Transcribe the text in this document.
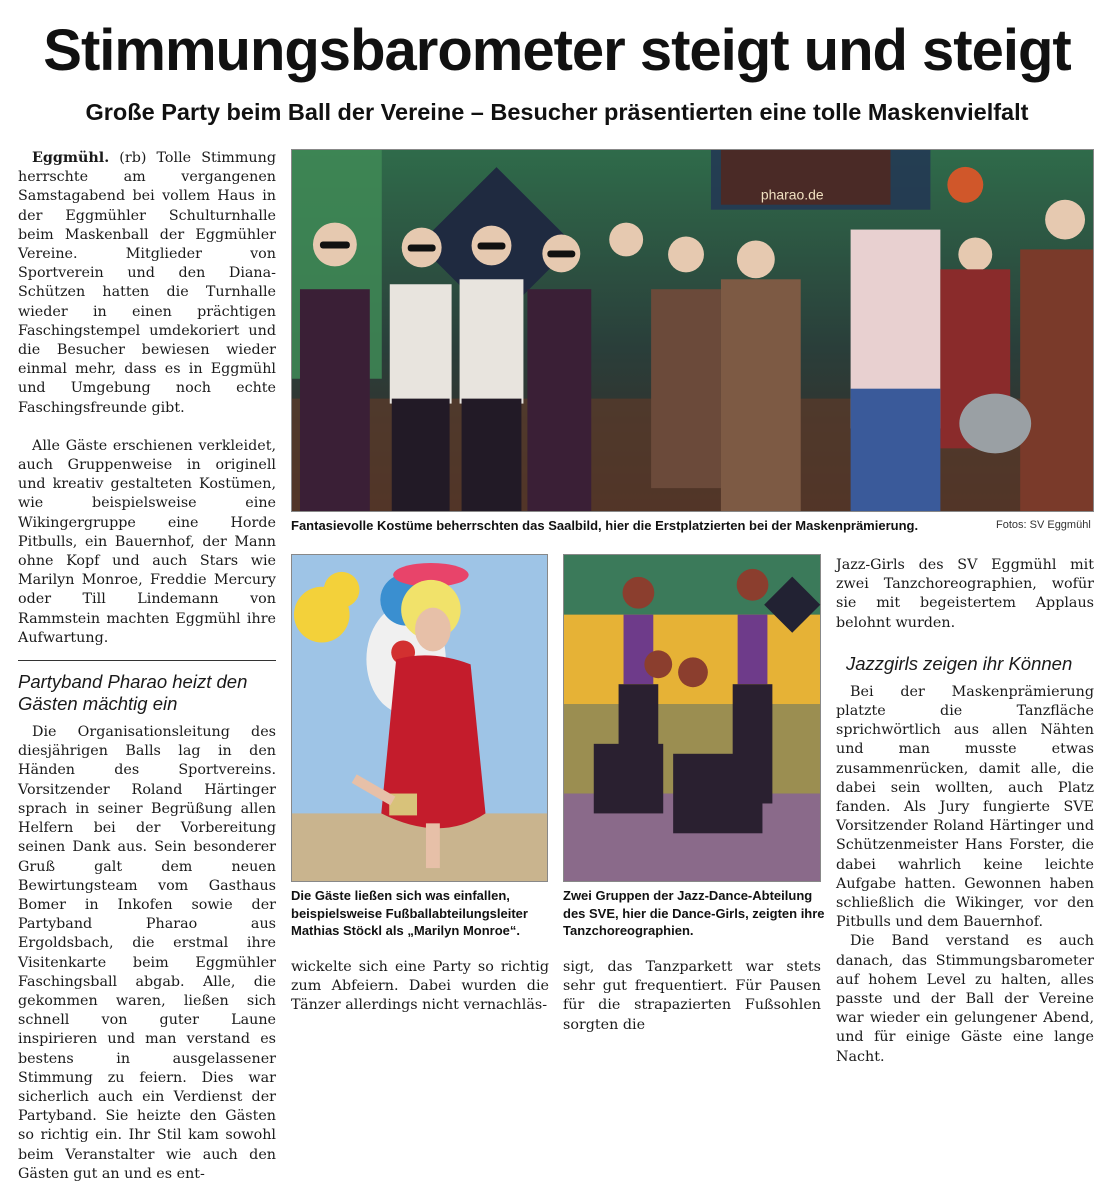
Stimmungsbarometer steigt und steigt
Große Party beim Ball der Vereine – Besucher präsentierten eine tolle Maskenvielfalt

Eggmühl. (rb) Tolle Stimmung herrschte am vergangenen Samstagabend bei vollem Haus in der Eggmühler Schulturnhalle beim Maskenball der Eggmühler Vereine. Mitglieder von Sportverein und den Diana-Schützen hatten die Turnhalle wieder in einen prächtigen Faschingstempel umdekoriert und die Besucher bewiesen wieder einmal mehr, dass es in Eggmühl und Umgebung noch echte Faschingsfreunde gibt.

Alle Gäste erschienen verkleidet, auch Gruppenweise in originell und kreativ gestalteten Kostümen, wie beispielsweise eine Wikingergruppe eine Horde Pitbulls, ein Bauernhof, der Mann ohne Kopf und auch Stars wie Marilyn Monroe, Freddie Mercury oder Till Lindemann von Rammstein machten Eggmühl ihre Aufwartung.

Partyband Pharao heizt den Gästen mächtig ein

Die Organisationsleitung des diesjährigen Balls lag in den Händen des Sportvereins. Vorsitzender Roland Härtinger sprach in seiner Begrüßung allen Helfern bei der Vorbereitung seinen Dank aus. Sein besonderer Gruß galt dem neuen Bewirtungsteam vom Gasthaus Bomer in Inkofen sowie der Partyband Pharao aus Ergoldsbach, die erstmal ihre Visitenkarte beim Eggmühler Faschingsball abgab. Alle, die gekommen waren, ließen sich schnell von guter Laune inspirieren und man verstand es bestens in ausgelassener Stimmung zu feiern. Dies war sicherlich auch ein Verdienst der Partyband. Sie heizte den Gästen so richtig ein. Ihr Stil kam sowohl beim Veranstalter wie auch den Gästen gut an und es ent-

pharao.de
Fantasievolle Kostüme beherrschten das Saalbild, hier die Erstplatzierten bei der Maskenprämierung.	Fotos: SV Eggmühl
Die Gäste ließen sich was einfallen, beispielsweise Fußballabteilungsleiter Mathias Stöckl als „Marilyn Monroe“.
Zwei Gruppen der Jazz-Dance-Abteilung des SVE, hier die Dance-Girls, zeigten ihre Tanzchoreographien.

wickelte sich eine Party so richtig zum Abfeiern. Dabei wurden die Tänzer allerdings nicht vernachläs-

sigt, das Tanzparkett war stets sehr gut frequentiert. Für Pausen für die strapazierten Fußsohlen sorgten die

Jazz-Girls des SV Eggmühl mit zwei Tanzchoreographien, wofür sie mit begeistertem Applaus belohnt wurden.

Jazzgirls zeigen ihr Können

Bei der Maskenprämierung platzte die Tanzfläche sprichwörtlich aus allen Nähten und man musste etwas zusammenrücken, damit alle, die dabei sein wollten, auch Platz fanden. Als Jury fungierte SVE Vorsitzender Roland Härtinger und Schützenmeister Hans Forster, die dabei wahrlich keine leichte Aufgabe hatten. Gewonnen haben schließlich die Wikinger, vor den Pitbulls und dem Bauernhof.

Die Band verstand es auch danach, das Stimmungsbarometer auf hohem Level zu halten, alles passte und der Ball der Vereine war wieder ein gelungener Abend, und für einige Gäste eine lange Nacht.
